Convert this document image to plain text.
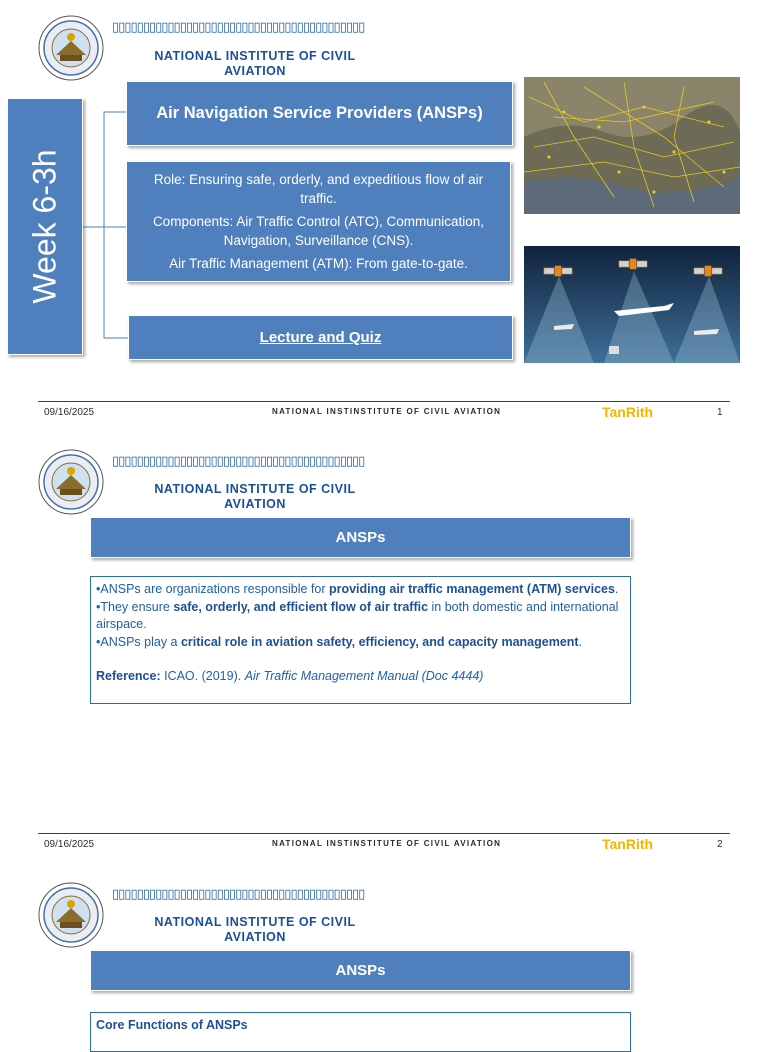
▯▯▯▯▯▯▯▯▯▯▯▯▯▯▯▯▯▯▯▯▯▯▯▯▯▯▯▯▯▯▯▯▯▯▯▯▯▯▯▯▯
NATIONAL INSTITUTE OF CIVIL
AVIATION
Week 6-3h
Air Navigation Service Providers (ANSPs)
Role: Ensuring safe, orderly, and expeditious flow of air traffic.
Components: Air Traffic Control (ATC), Communication, Navigation, Surveillance (CNS).
Air Traffic Management (ATM): From gate-to-gate.
Lecture and Quiz
09/16/2025	NATIONAL INSTINSTITUTE OF CIVIL AVIATION	TanRith	1
▯▯▯▯▯▯▯▯▯▯▯▯▯▯▯▯▯▯▯▯▯▯▯▯▯▯▯▯▯▯▯▯▯▯▯▯▯▯▯▯▯
NATIONAL INSTITUTE OF CIVIL
AVIATION
ANSPs
•ANSPs are organizations responsible for providing air traffic management (ATM) services.
•They ensure safe, orderly, and efficient flow of air traffic in both domestic and international airspace.
•ANSPs play a critical role in aviation safety, efficiency, and capacity management.
Reference: ICAO. (2019). Air Traffic Management Manual (Doc 4444)
09/16/2025	NATIONAL INSTINSTITUTE OF CIVIL AVIATION	TanRith	2
▯▯▯▯▯▯▯▯▯▯▯▯▯▯▯▯▯▯▯▯▯▯▯▯▯▯▯▯▯▯▯▯▯▯▯▯▯▯▯▯▯
NATIONAL INSTITUTE OF CIVIL
AVIATION
ANSPs
Core Functions of ANSPs
